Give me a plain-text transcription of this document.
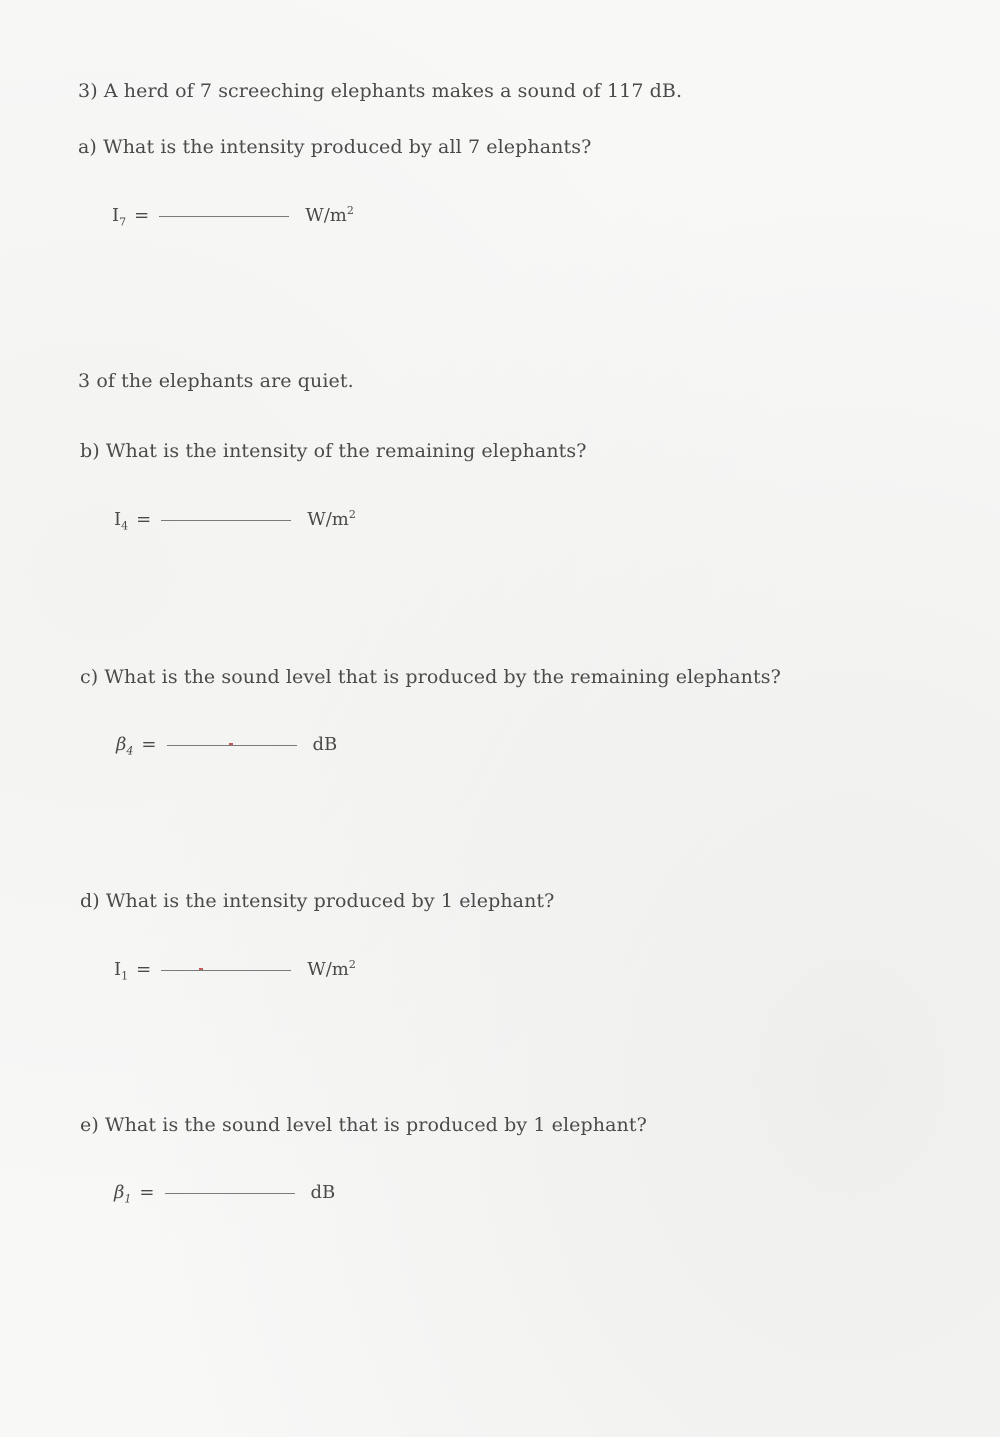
3) A herd of 7 screeching elephants makes a sound of 117 dB.
a) What is the intensity produced by all 7 elephants?
$I_7$ =	$W/m^2$
3 of the elephants are quiet.
b) What is the intensity of the remaining elephants?
$I_4$ =	$W/m^2$
c) What is the sound level that is produced by the remaining elephants?
$\beta_4$ =	dB
d) What is the intensity produced by 1 elephant?
$I_1$ =	$W/m^2$
e) What is the sound level that is produced by 1 elephant?
$\beta_1$ =	dB
